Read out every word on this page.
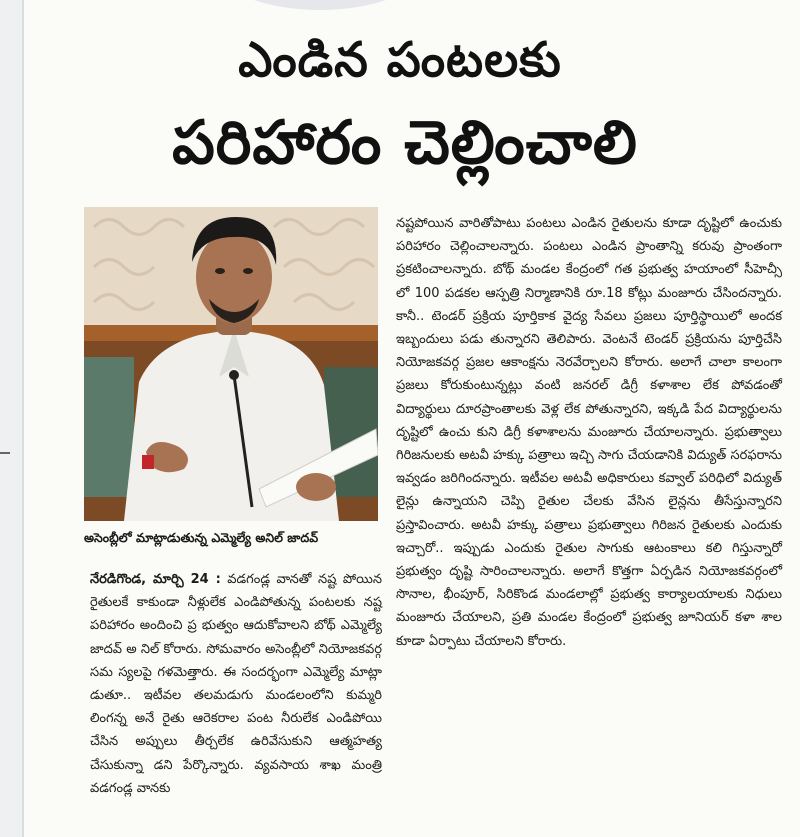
ఎండిన పంటలకు
పరిహారం చెల్లించాలి

అసెంబ్లీలో మాట్లాడుతున్న ఎమ్మెల్యే అనిల్ జాదవ్

నేరడిగొండ, మార్చి 24 : వడగండ్ల వానతో నష్ట పోయిన రైతులకే కాకుండా నీళ్లులేక ఎండిపోతున్న పంటలకు నష్ట పరిహారం అందించి ప్ర భుత్వం ఆదుకోవాలని బోథ్ ఎమ్మెల్యే జాదవ్ అ నిల్ కోరారు. సోమవారం అసెంబ్లీలో నియోజకవర్గ సమ స్యలపై గళమెత్తారు. ఈ సందర్భంగా ఎమ్మెల్యే మాట్లా డుతూ.. ఇటీవల తలమడుగు మండలంలోని కుమ్మరి లింగన్న అనే రైతు ఆరెకరాల పంట నీరులేక ఎండిపోయి చేసిన అప్పులు తీర్చలేక ఉరివేసుకుని ఆత్మహత్య చేసుకున్నా డని పేర్కొన్నారు. వ్యవసాయ శాఖ మంత్రి వడగండ్ల వానకు

నష్టపోయిన వారితోపాటు పంటలు ఎండిన రైతులను కూడా దృష్టిలో ఉంచుకు పరిహారం చెల్లించాలన్నారు. పంటలు ఎండిన ప్రాంతాన్ని కరువు ప్రాంతంగా ప్రకటించాలన్నారు. బోథ్ మండల కేంద్రంలో గత ప్రభుత్వ హయాంలో సీహెచ్సీ లో 100 పడకల ఆస్పత్రి నిర్మాణానికి రూ.18 కోట్లు మంజూరు చేసిందన్నారు. కానీ.. టెండర్ ప్రక్రియ పూర్తికాక వైద్య సేవలు ప్రజలు పూర్తిస్థాయిలో అందక ఇబ్బందులు పడు తున్నారని తెలిపారు. వెంటనే టెండర్ ప్రక్రియను పూర్తిచేసి నియోజకవర్గ ప్రజల ఆకాంక్షను నెరవేర్చాలని కోరారు. అలాగే చాలా కాలంగా ప్రజలు కోరుకుంటున్నట్లు వంటి జనరల్ డిగ్రీ కళాశాల లేక పోవడంతో విద్యార్థులు దూరప్రాంతాలకు వెళ్ల లేక పోతున్నారని, ఇక్కడి పేద విద్యార్థులను దృష్టిలో ఉంచు కుని డిగ్రీ కళాశాలను మంజూరు చేయాలన్నారు. ప్రభుత్వాలు గిరిజనులకు అటవీ హక్కు పత్రాలు ఇచ్చి సాగు చేయడానికి విద్యుత్ సరఫరాను ఇవ్వడం జరిగిందన్నారు. ఇటీవల అటవీ అధికారులు కవ్వాల్ పరిధిలో విద్యుత్ లైన్లు ఉన్నాయని చెప్పి రైతుల చేలకు వేసిన లైన్లను తీసేస్తున్నారని ప్రస్తావించారు. అటవీ హక్కు పత్రాలు ప్రభుత్వాలు గిరిజన రైతులకు ఎందుకు ఇచ్చారో.. ఇప్పుడు ఎందుకు రైతుల సాగుకు ఆటంకాలు కలి గిస్తున్నారో ప్రభుత్వం దృష్టి సారించాలన్నారు. అలాగే కొత్తగా ఏర్పడిన నియోజకవర్గంలో సొనాల, భీంపూర్, సిరికొండ మండలాల్లో ప్రభుత్వ కార్యాలయాలకు నిధులు మంజూరు చేయాలని, ప్రతి మండల కేంద్రంలో ప్రభుత్వ జూనియర్ కళా శాల కూడా ఏర్పాటు చేయాలని కోరారు.
